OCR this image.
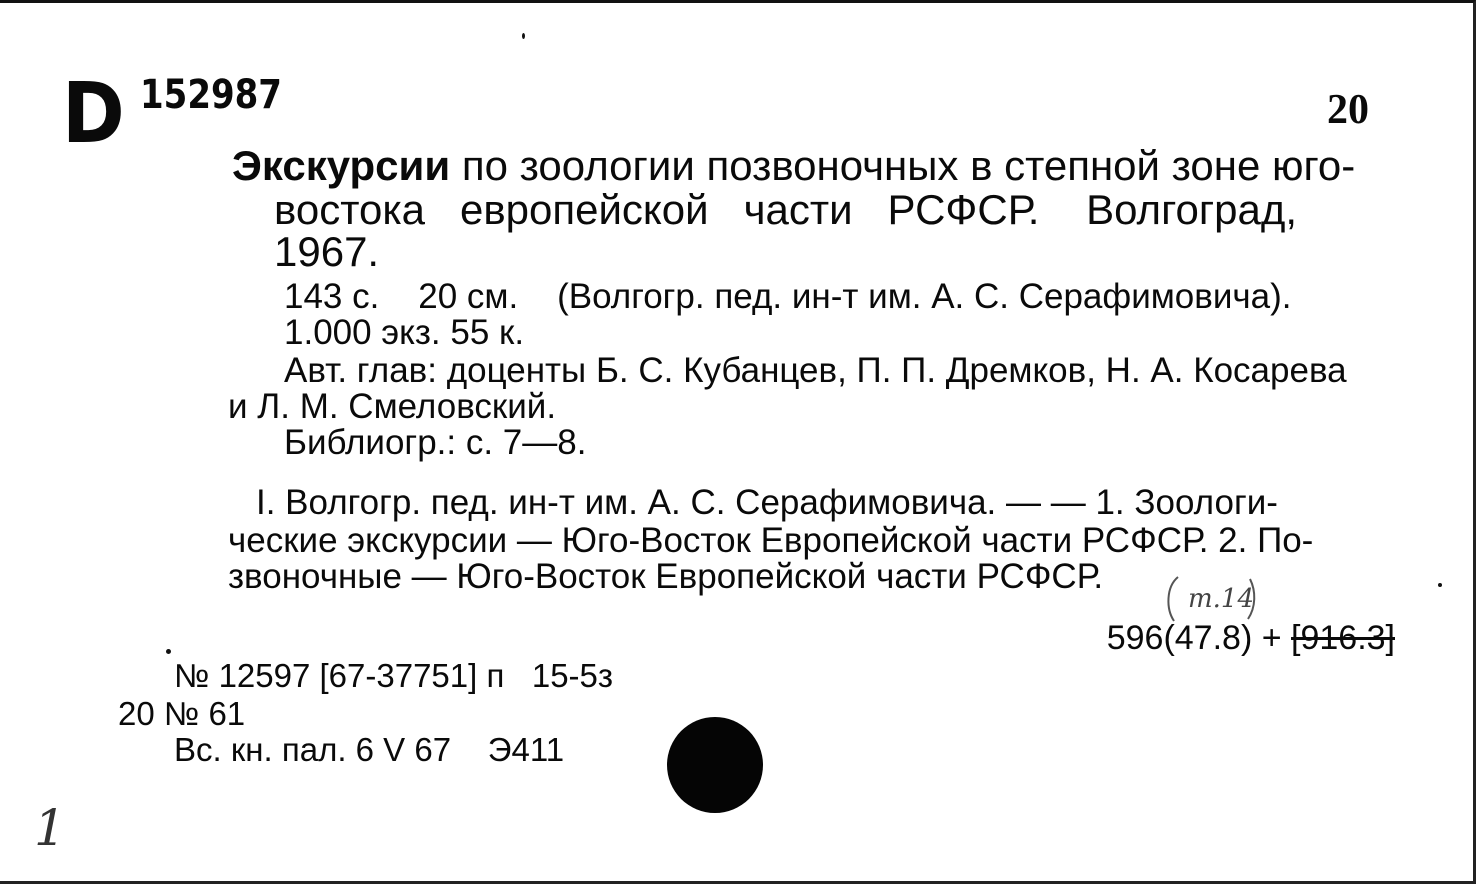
D 152987	20
Экскурсии по зоологии позвоночных в степной зоне юго-
востока   европейской   части   РСФСР.    Волгоград,
1967.
143 с.    20 см.    (Волгогр. пед. ин-т им. А. С. Серафимовича).
1.000 экз. 55 к.
Авт. глав: доценты Б. С. Кубанцев, П. П. Дремков, Н. А. Косарева
и Л. М. Смеловский.
Библиогр.: с. 7—8.
I. Волгогр. пед. ин-т им. А. С. Серафимовича. — — 1. Зоологи-
ческие экскурсии — Юго-Восток Европейской части РСФСР. 2. По-
звоночные — Юго-Восток Европейской части РСФСР.
т.14
596(47.8) + [916.3]
№ 12597 [67-37751] п   15-5з
20 № 61
Вс. кн. пал. 6 V 67    Э411
1
